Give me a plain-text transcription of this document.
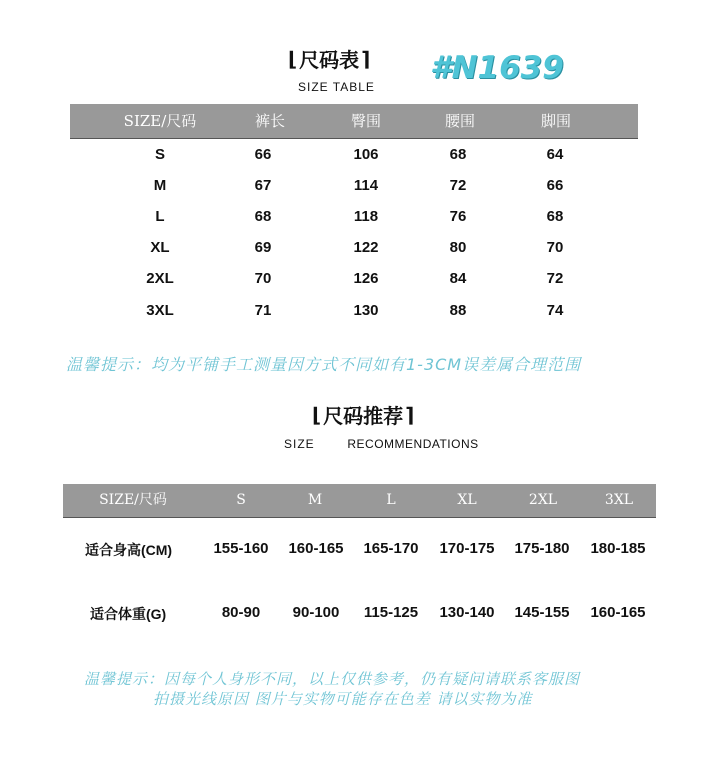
⌊ 尺码表 ⌉
SIZE TABLE
#N1639
SIZE/尺码	裤长	臀围	腰围	脚围
S	66	106	68	64
M	67	114	72	66
L	68	118	76	68
XL	69	122	80	70
2XL	70	126	84	72
3XL	71	130	88	74
温馨提示：均为平铺手工测量因方式不同如有1-3CM误差属合理范围
⌊ 尺码推荐 ⌉
SIZE	RECOMMENDATIONS
SIZE/尺码	S	M	L	XL	2XL	3XL
适合身高(CM)	155-160	160-165	165-170	170-175	175-180	180-185
适合体重(G)	80-90	90-100	115-125	130-140	145-155	160-165
温馨提示：因每个人身形不同，以上仅供参考，仍有疑问请联系客服图
拍摄光线原因 图片与实物可能存在色差 请以实物为准
